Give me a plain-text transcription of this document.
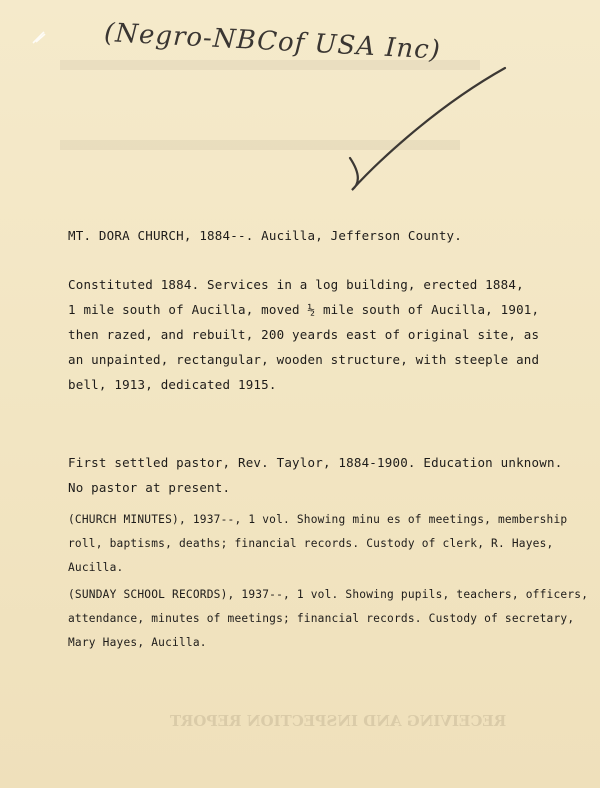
RECEIVING AND INSPECTION REPORT
(Negro-NBCof USA Inc)
MT. DORA CHURCH, 1884--. Aucilla, Jefferson County.
Constituted 1884. Services in a log building, erected 1884,
1 mile south of Aucilla, moved ½ mile south of Aucilla, 1901,
then razed, and rebuilt, 200 yeards east of original site, as
an unpainted, rectangular, wooden structure, with steeple and
bell, 1913, dedicated 1915.
First settled pastor, Rev. Taylor, 1884-1900. Education unknown.
No pastor at present.
(CHURCH MINUTES), 1937--, 1 vol. Showing minu es of meetings, membership
roll, baptisms, deaths; financial records. Custody of clerk, R. Hayes,
Aucilla.
(SUNDAY SCHOOL RECORDS), 1937--, 1 vol. Showing pupils, teachers, officers,
attendance, minutes of meetings; financial records. Custody of secretary,
Mary Hayes, Aucilla.
